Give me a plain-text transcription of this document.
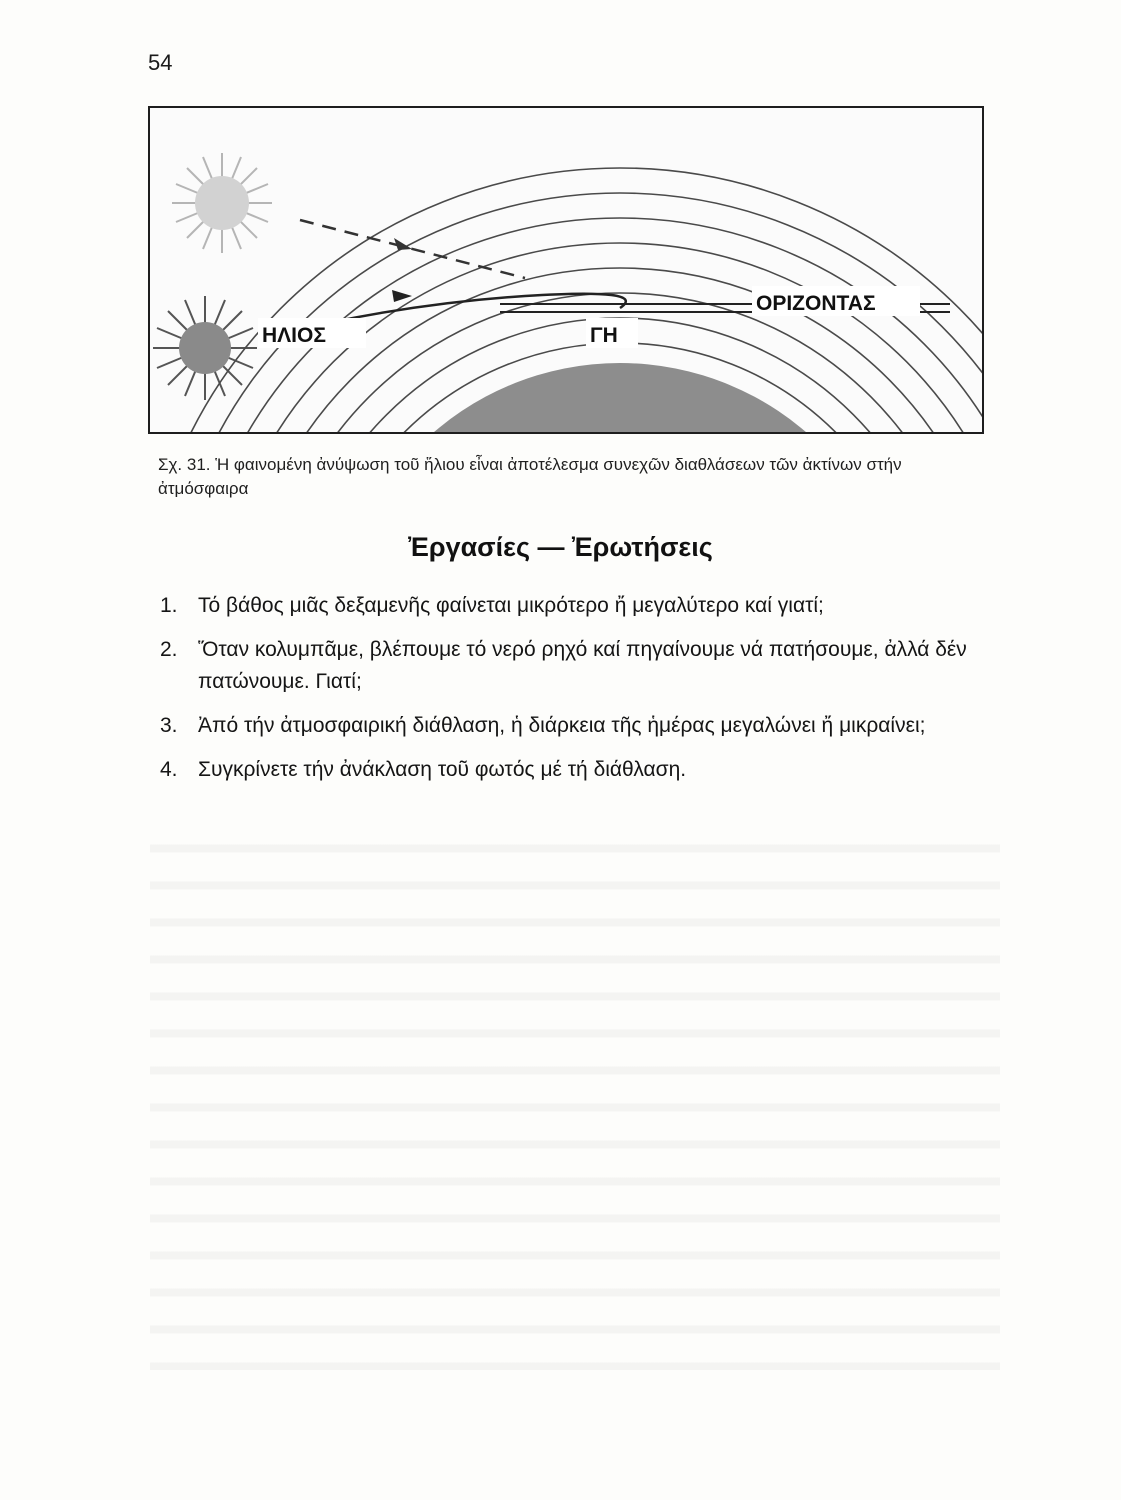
54
ΗΛΙΟΣ	ΓΗ
ΟΡΙΖΟΝΤΑΣ
Σχ. 31. Ἡ φαινομένη ἀνύψωση τοῦ ἥλιου εἶναι ἀποτέλεσμα συνεχῶν διαθλάσεων τῶν ἀκτίνων στήν ἀτμόσφαιρα
Ἐργασίες — Ἐρωτήσεις
1. Τό βάθος μιᾶς δεξαμενῆς φαίνεται μικρότερο ἤ μεγαλύτερο καί γιατί;
2. Ὅταν κολυμπᾶμε, βλέπουμε τό νερό ρηχό καί πηγαίνουμε νά πατήσουμε, ἀλλά δέν πατώνουμε. Γιατί;
3. Ἀπό τήν ἀτμοσφαιρική διάθλαση, ἡ διάρκεια τῆς ἡμέρας μεγαλώνει ἤ μικραίνει;
4. Συγκρίνετε τήν ἀνάκλαση τοῦ φωτός μέ τή διάθλαση.
